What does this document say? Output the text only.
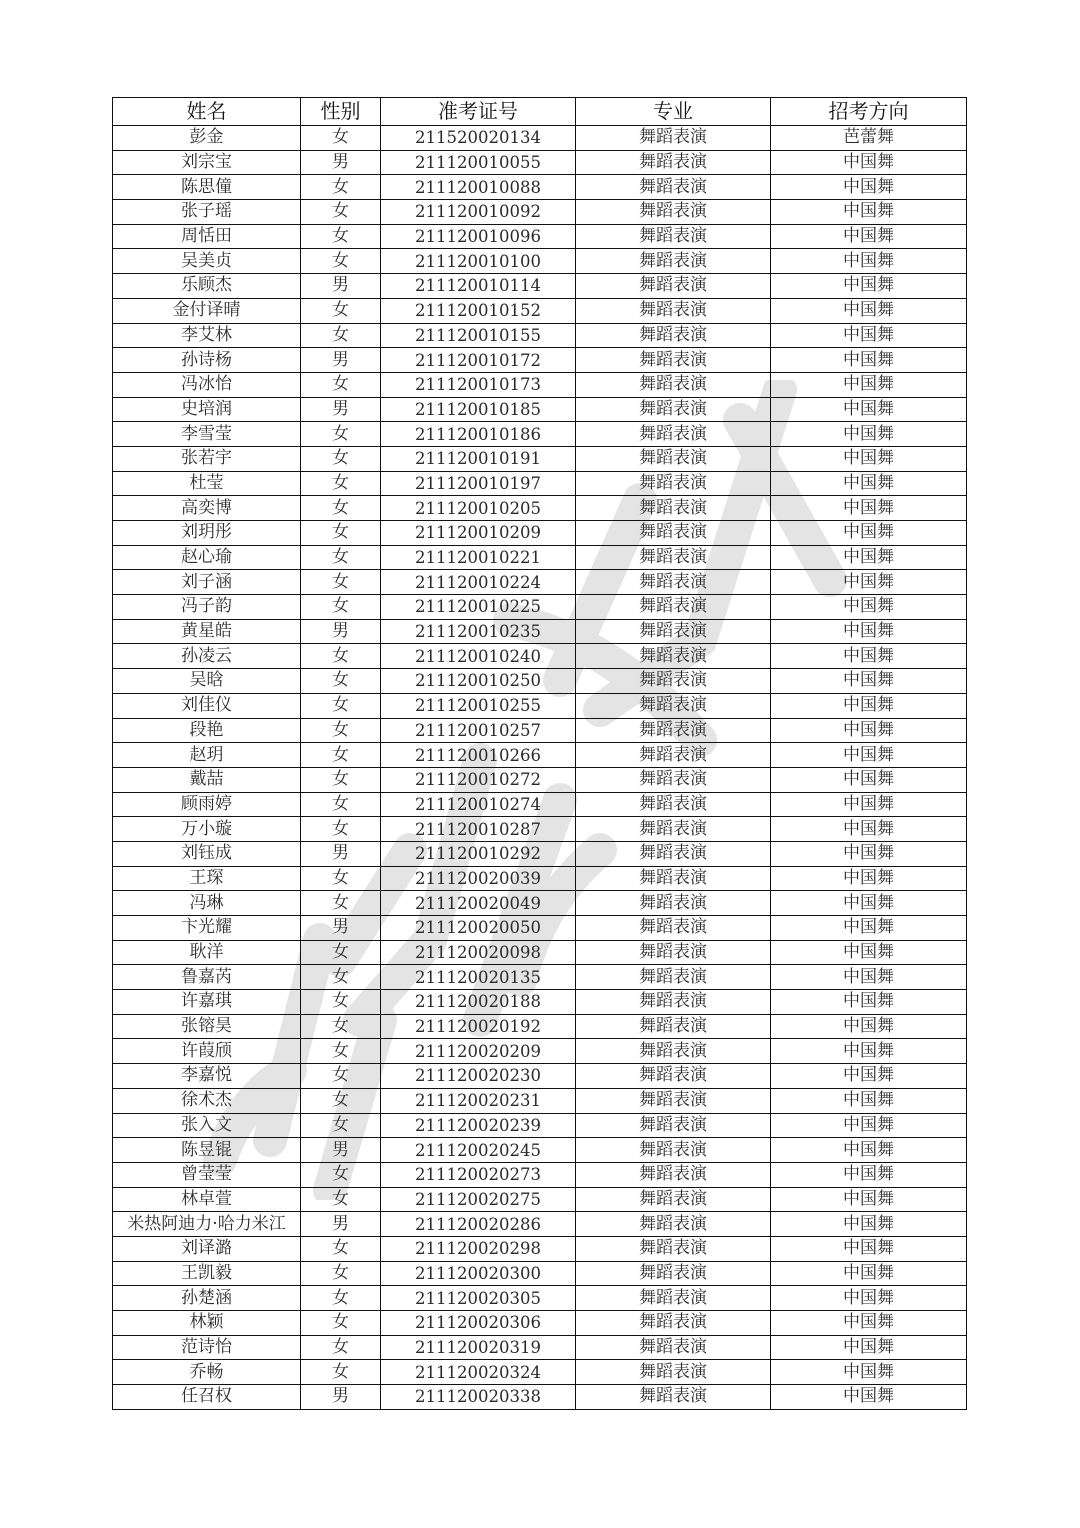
姓名	性别	准考证号	专业	招考方向
彭金	女	211520020134	舞蹈表演	芭蕾舞
刘宗宝	男	211120010055	舞蹈表演	中国舞
陈思僮	女	211120010088	舞蹈表演	中国舞
张子瑶	女	211120010092	舞蹈表演	中国舞
周恬田	女	211120010096	舞蹈表演	中国舞
吴美贞	女	211120010100	舞蹈表演	中国舞
乐顾杰	男	211120010114	舞蹈表演	中国舞
金付译晴	女	211120010152	舞蹈表演	中国舞
李艾林	女	211120010155	舞蹈表演	中国舞
孙诗杨	男	211120010172	舞蹈表演	中国舞
冯冰怡	女	211120010173	舞蹈表演	中国舞
史培润	男	211120010185	舞蹈表演	中国舞
李雪莹	女	211120010186	舞蹈表演	中国舞
张若宇	女	211120010191	舞蹈表演	中国舞
杜莹	女	211120010197	舞蹈表演	中国舞
高奕博	女	211120010205	舞蹈表演	中国舞
刘玥彤	女	211120010209	舞蹈表演	中国舞
赵心瑜	女	211120010221	舞蹈表演	中国舞
刘子涵	女	211120010224	舞蹈表演	中国舞
冯子韵	女	211120010225	舞蹈表演	中国舞
黄星皓	男	211120010235	舞蹈表演	中国舞
孙凌云	女	211120010240	舞蹈表演	中国舞
吴晗	女	211120010250	舞蹈表演	中国舞
刘佳仪	女	211120010255	舞蹈表演	中国舞
段艳	女	211120010257	舞蹈表演	中国舞
赵玥	女	211120010266	舞蹈表演	中国舞
戴喆	女	211120010272	舞蹈表演	中国舞
顾雨婷	女	211120010274	舞蹈表演	中国舞
万小璇	女	211120010287	舞蹈表演	中国舞
刘钰成	男	211120010292	舞蹈表演	中国舞
王琛	女	211120020039	舞蹈表演	中国舞
冯琳	女	211120020049	舞蹈表演	中国舞
卞光耀	男	211120020050	舞蹈表演	中国舞
耿洋	女	211120020098	舞蹈表演	中国舞
鲁嘉芮	女	211120020135	舞蹈表演	中国舞
许嘉琪	女	211120020188	舞蹈表演	中国舞
张镕昊	女	211120020192	舞蹈表演	中国舞
许葭颀	女	211120020209	舞蹈表演	中国舞
李嘉悦	女	211120020230	舞蹈表演	中国舞
徐术杰	女	211120020231	舞蹈表演	中国舞
张入文	女	211120020239	舞蹈表演	中国舞
陈昱锟	男	211120020245	舞蹈表演	中国舞
曾莹莹	女	211120020273	舞蹈表演	中国舞
林卓萱	女	211120020275	舞蹈表演	中国舞
米热阿迪力·哈力米江	男	211120020286	舞蹈表演	中国舞
刘译潞	女	211120020298	舞蹈表演	中国舞
王凯毅	女	211120020300	舞蹈表演	中国舞
孙楚涵	女	211120020305	舞蹈表演	中国舞
林颖	女	211120020306	舞蹈表演	中国舞
范诗怡	女	211120020319	舞蹈表演	中国舞
乔畅	女	211120020324	舞蹈表演	中国舞
任召权	男	211120020338	舞蹈表演	中国舞
